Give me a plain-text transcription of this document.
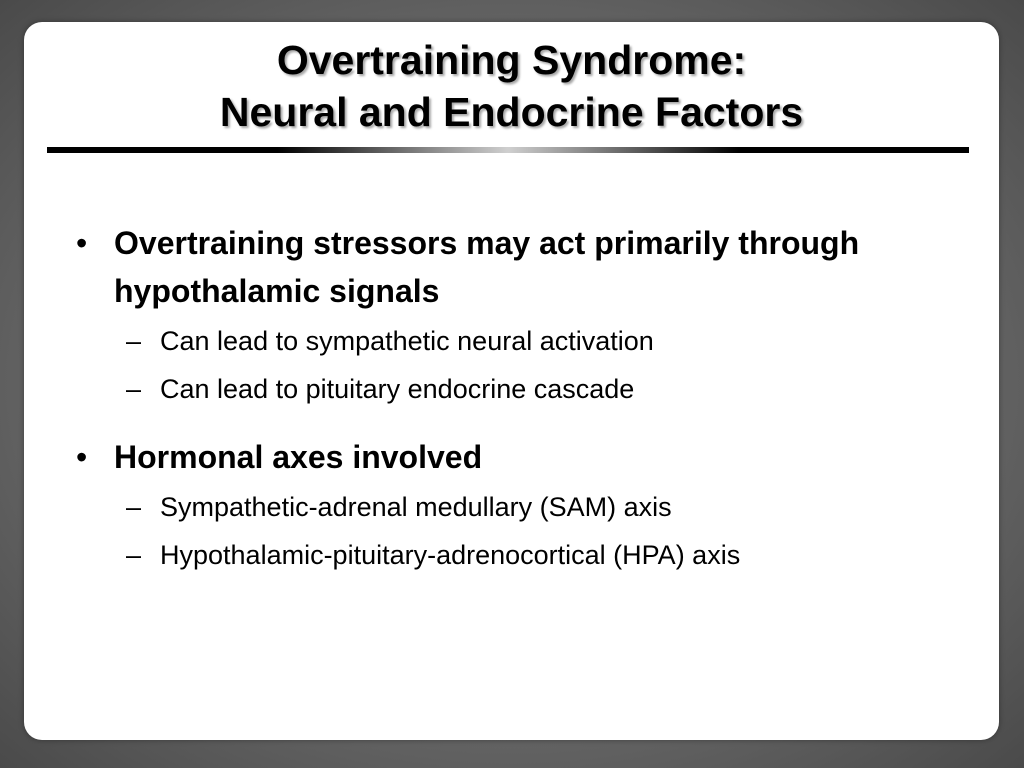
Overtraining Syndrome:
Neural and Endocrine Factors
• Overtraining stressors may act primarily through hypothalamic signals
– Can lead to sympathetic neural activation
– Can lead to pituitary endocrine cascade
• Hormonal axes involved
– Sympathetic-adrenal medullary (SAM) axis
– Hypothalamic-pituitary-adrenocortical (HPA) axis
